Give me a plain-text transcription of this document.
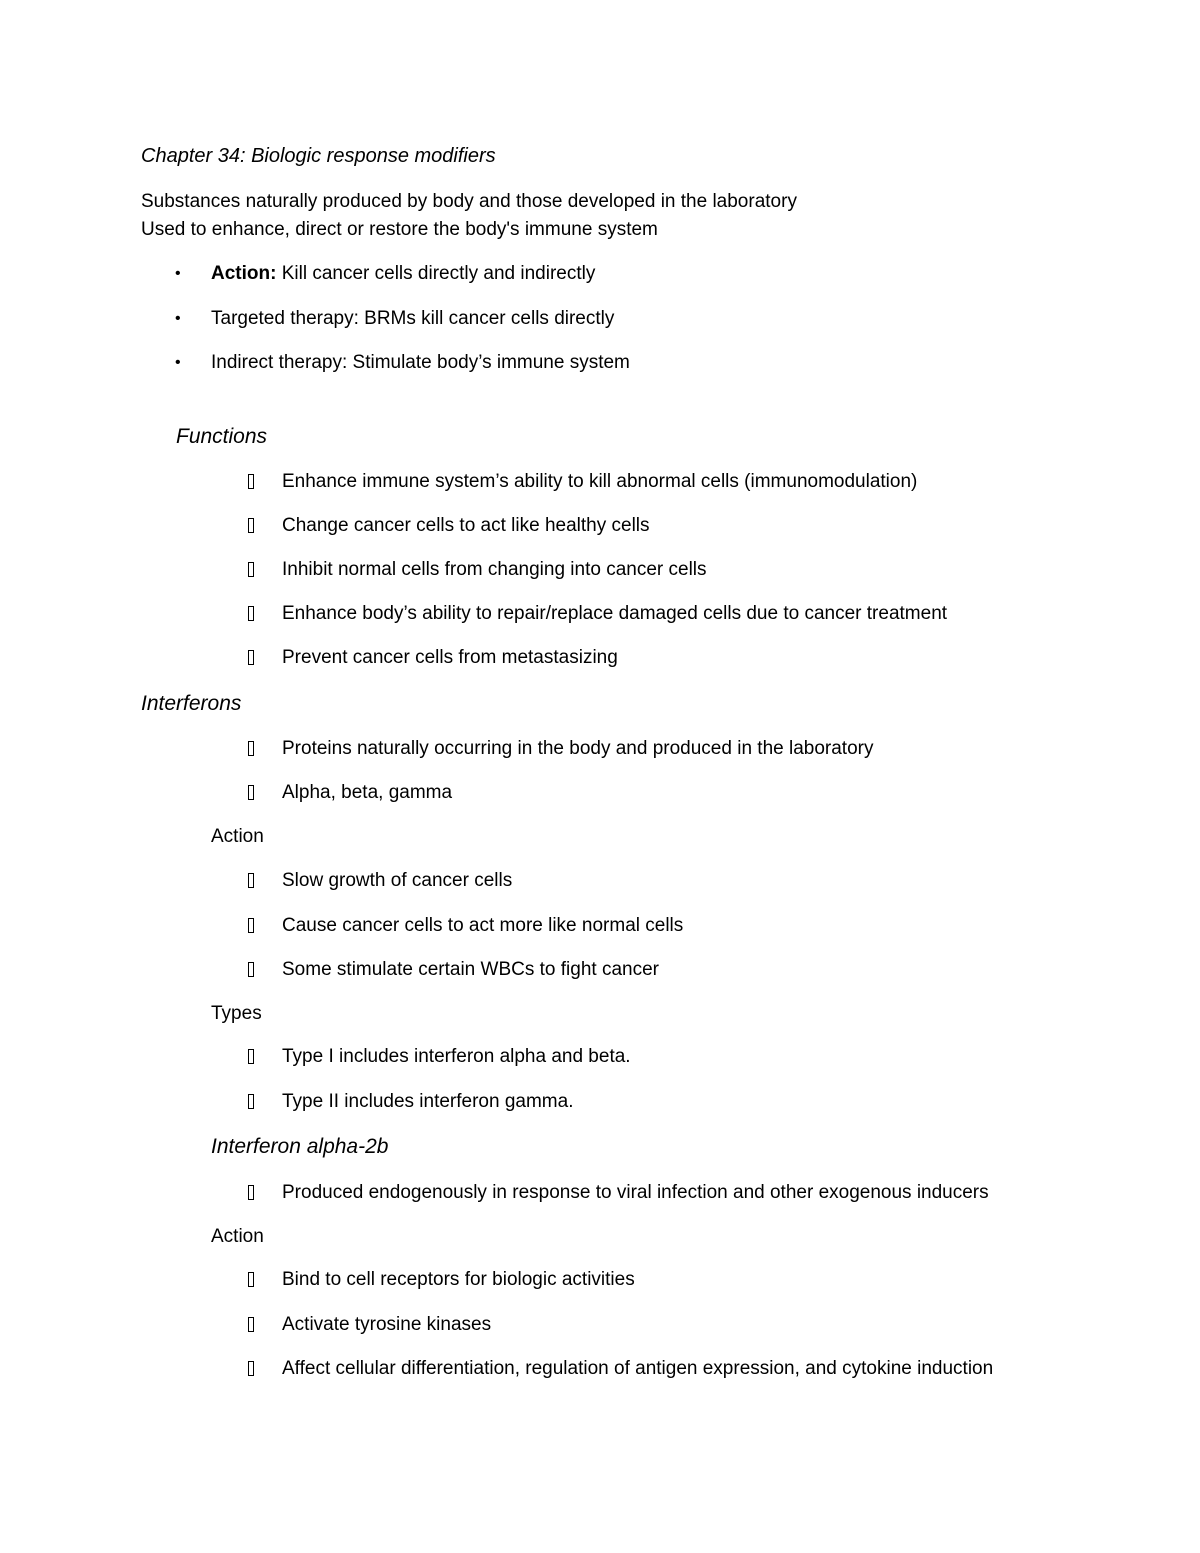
Chapter 34: Biologic response modifiers
Substances naturally produced by body and those developed in the laboratory
Used to enhance, direct or restore the body's immune system
• Action: Kill cancer cells directly and indirectly
• Targeted therapy: BRMs kill cancer cells directly
• Indirect therapy: Stimulate body’s immune system
Functions
Enhance immune system’s ability to kill abnormal cells (immunomodulation)
Change cancer cells to act like healthy cells
Inhibit normal cells from changing into cancer cells
Enhance body’s ability to repair/replace damaged cells due to cancer treatment
Prevent cancer cells from metastasizing
Interferons
Proteins naturally occurring in the body and produced in the laboratory
Alpha, beta, gamma
Action
Slow growth of cancer cells
Cause cancer cells to act more like normal cells
Some stimulate certain WBCs to fight cancer
Types
Type I includes interferon alpha and beta.
Type II includes interferon gamma.
Interferon alpha-2b
Produced endogenously in response to viral infection and other exogenous inducers
Action
Bind to cell receptors for biologic activities
Activate tyrosine kinases
Affect cellular differentiation, regulation of antigen expression, and cytokine induction
